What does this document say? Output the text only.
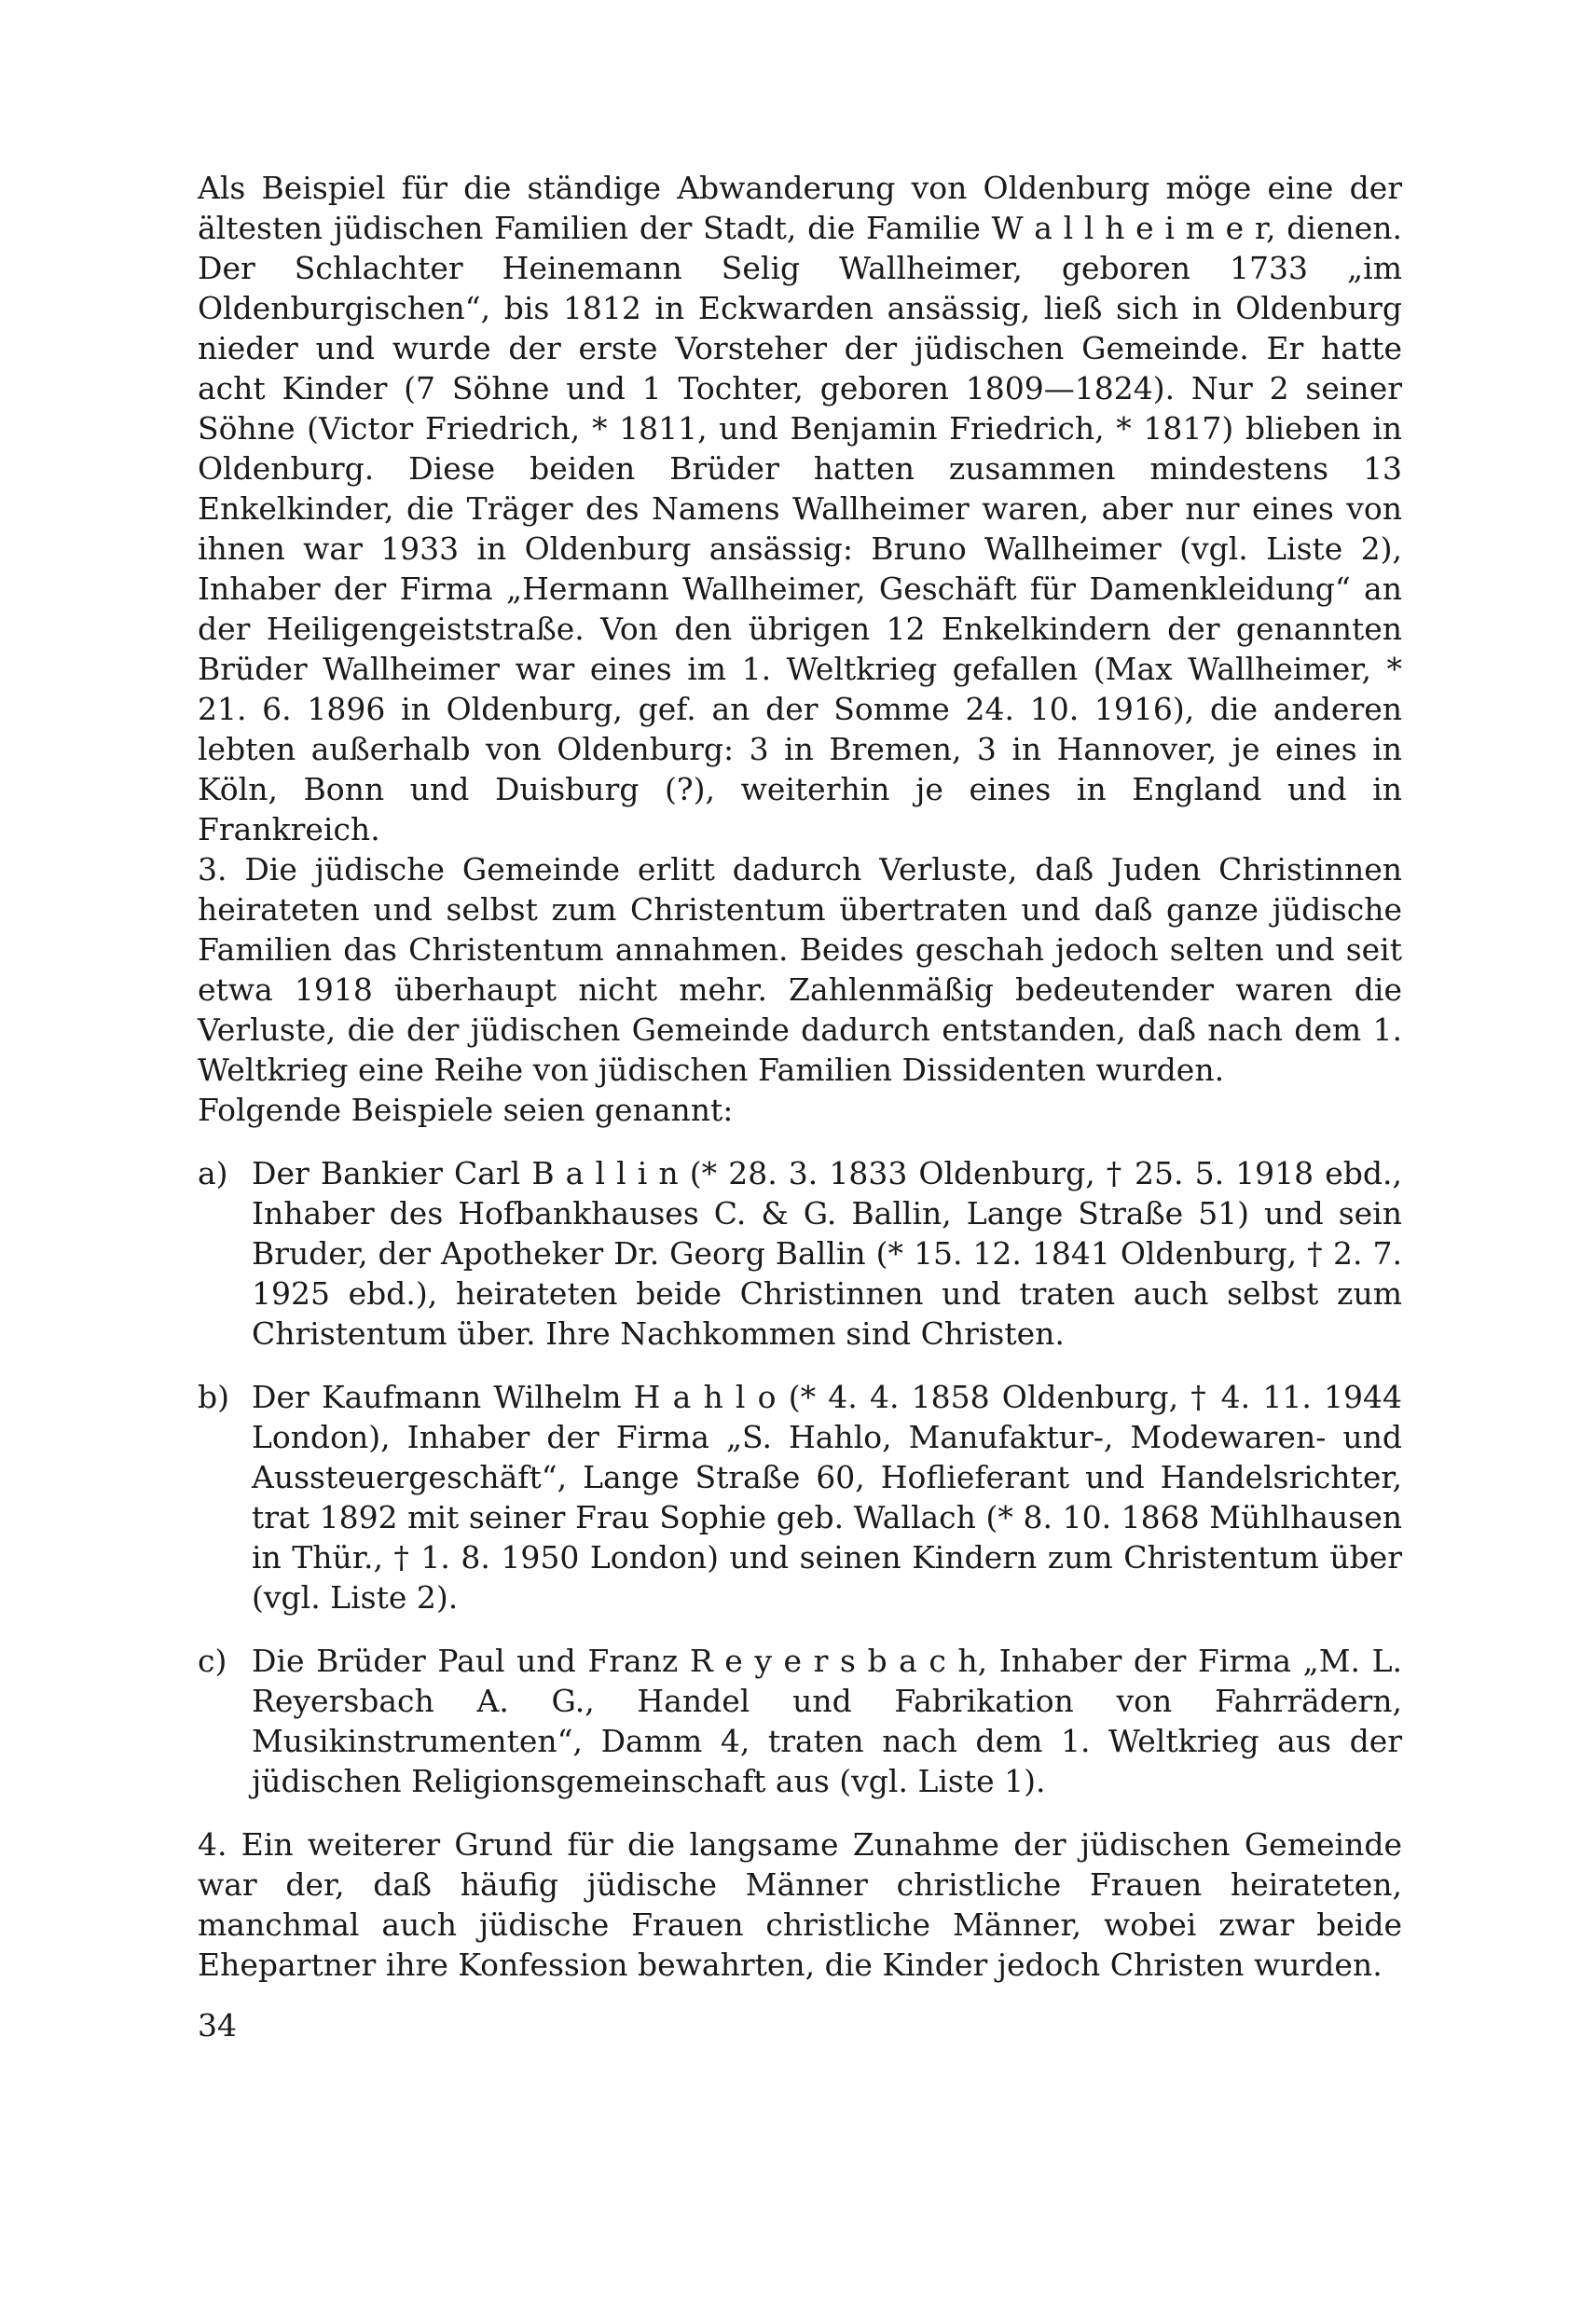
Als Beispiel für die ständige Abwanderung von Oldenburg möge eine der ältesten jüdischen Familien der Stadt, die Familie W a l l h e i m e r, dienen. Der Schlachter Heinemann Selig Wallheimer, geboren 1733 „im Oldenburgischen“, bis 1812 in Eckwarden ansässig, ließ sich in Oldenburg nieder und wurde der erste Vorsteher der jüdischen Gemeinde. Er hatte acht Kinder (7 Söhne und 1 Tochter, geboren 1809—1824). Nur 2 seiner Söhne (Victor Friedrich, * 1811, und Benjamin Friedrich, * 1817) blieben in Oldenburg. Diese beiden Brüder hatten zusammen mindestens 13 Enkelkinder, die Träger des Namens Wallheimer waren, aber nur eines von ihnen war 1933 in Oldenburg ansässig: Bruno Wallheimer (vgl. Liste 2), Inhaber der Firma „Hermann Wallheimer, Geschäft für Damenkleidung“ an der Heiligengeiststraße. Von den übrigen 12 Enkelkindern der genannten Brüder Wallheimer war eines im 1. Weltkrieg gefallen (Max Wallheimer, * 21. 6. 1896 in Oldenburg, gef. an der Somme 24. 10. 1916), die anderen lebten außerhalb von Oldenburg: 3 in Bremen, 3 in Hannover, je eines in Köln, Bonn und Duisburg (?), weiterhin je eines in England und in Frankreich.

3. Die jüdische Gemeinde erlitt dadurch Verluste, daß Juden Christinnen heirateten und selbst zum Christentum übertraten und daß ganze jüdische Familien das Christentum annahmen. Beides geschah jedoch selten und seit etwa 1918 überhaupt nicht mehr. Zahlenmäßig bedeutender waren die Verluste, die der jüdischen Gemeinde dadurch entstanden, daß nach dem 1. Weltkrieg eine Reihe von jüdischen Familien Dissidenten wurden.

Folgende Beispiele seien genannt:

a) Der Bankier Carl B a l l i n (* 28. 3. 1833 Oldenburg, † 25. 5. 1918 ebd., Inhaber des Hofbankhauses C. & G. Ballin, Lange Straße 51) und sein Bruder, der Apotheker Dr. Georg Ballin (* 15. 12. 1841 Oldenburg, † 2. 7. 1925 ebd.), heirateten beide Christinnen und traten auch selbst zum Christentum über. Ihre Nachkommen sind Christen.
b) Der Kaufmann Wilhelm H a h l o (* 4. 4. 1858 Oldenburg, † 4. 11. 1944 London), Inhaber der Firma „S. Hahlo, Manufaktur-, Modewaren- und Aussteuergeschäft“, Lange Straße 60, Hoflieferant und Handelsrichter, trat 1892 mit seiner Frau Sophie geb. Wallach (* 8. 10. 1868 Mühlhausen in Thür., † 1. 8. 1950 London) und seinen Kindern zum Christentum über (vgl. Liste 2).
c) Die Brüder Paul und Franz R e y e r s b a c h, Inhaber der Firma „M. L. Reyersbach A. G., Handel und Fabrikation von Fahrrädern, Musikinstrumenten“, Damm 4, traten nach dem 1. Weltkrieg aus der jüdischen Religionsgemeinschaft aus (vgl. Liste 1).

4. Ein weiterer Grund für die langsame Zunahme der jüdischen Gemeinde war der, daß häufig jüdische Männer christliche Frauen heirateten, manchmal auch jüdische Frauen christliche Männer, wobei zwar beide Ehepartner ihre Konfession bewahrten, die Kinder jedoch Christen wurden.

34
